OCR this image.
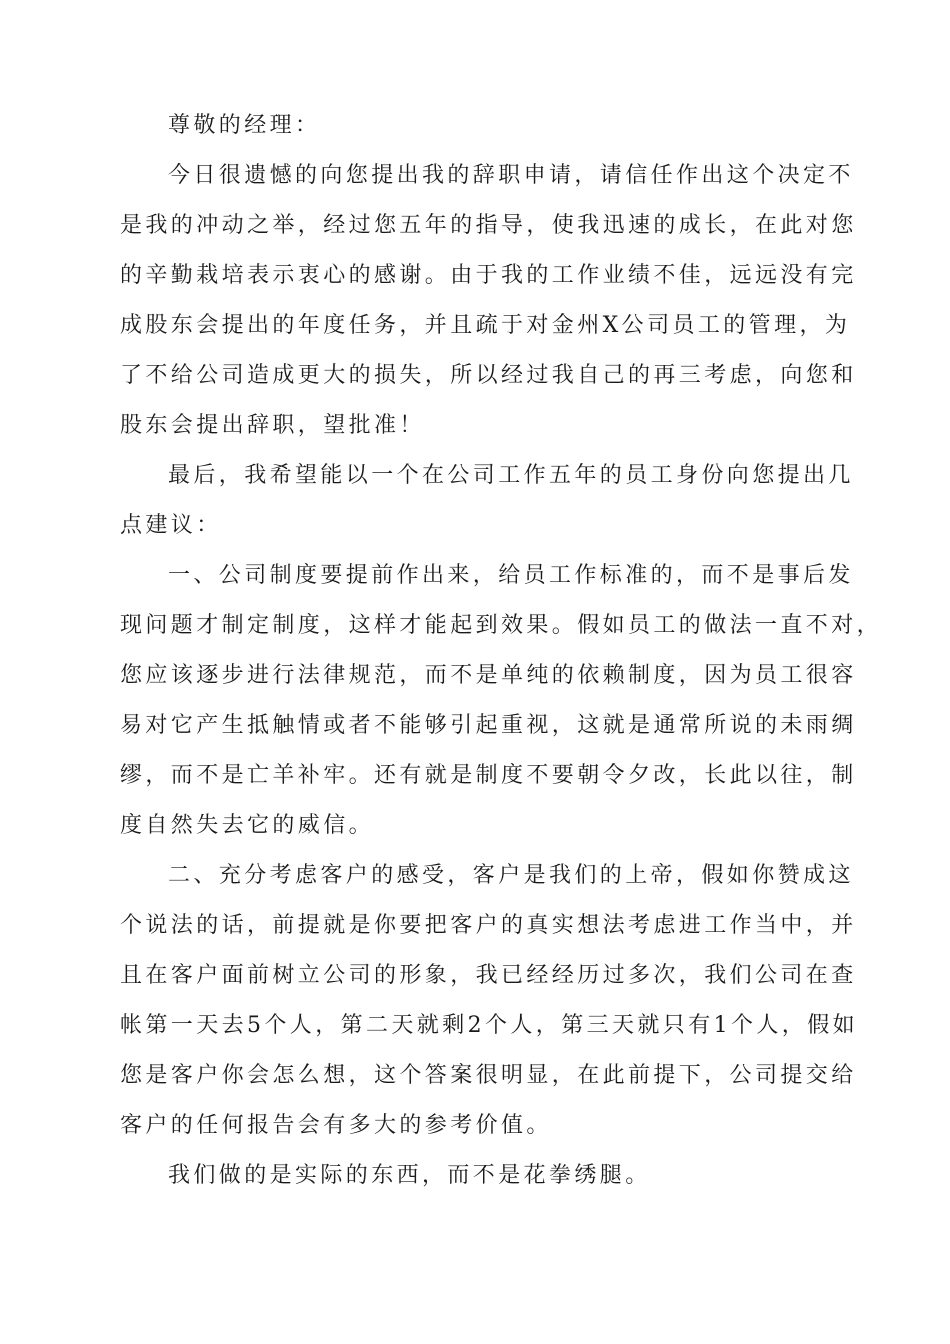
尊敬的经理：
今日很遗憾的向您提出我的辞职申请，请信任作出这个决定不
是我的冲动之举，经过您五年的指导，使我迅速的成长，在此对您
的辛勤栽培表示衷心的感谢。由于我的工作业绩不佳，远远没有完
成股东会提出的年度任务，并且疏于对金州X公司员工的管理，为
了不给公司造成更大的损失，所以经过我自己的再三考虑，向您和
股东会提出辞职，望批准！
最后，我希望能以一个在公司工作五年的员工身份向您提出几
点建议：
一、公司制度要提前作出来，给员工作标准的，而不是事后发
现问题才制定制度，这样才能起到效果。假如员工的做法一直不对，
您应该逐步进行法律规范，而不是单纯的依赖制度，因为员工很容
易对它产生抵触情或者不能够引起重视，这就是通常所说的未雨绸
缪，而不是亡羊补牢。还有就是制度不要朝令夕改，长此以往，制
度自然失去它的威信。
二、充分考虑客户的感受，客户是我们的上帝，假如你赞成这
个说法的话，前提就是你要把客户的真实想法考虑进工作当中，并
且在客户面前树立公司的形象，我已经经历过多次，我们公司在查
帐第一天去5个人，第二天就剩2个人，第三天就只有1个人，假如
您是客户你会怎么想，这个答案很明显，在此前提下，公司提交给
客户的任何报告会有多大的参考价值。
我们做的是实际的东西，而不是花拳绣腿。
